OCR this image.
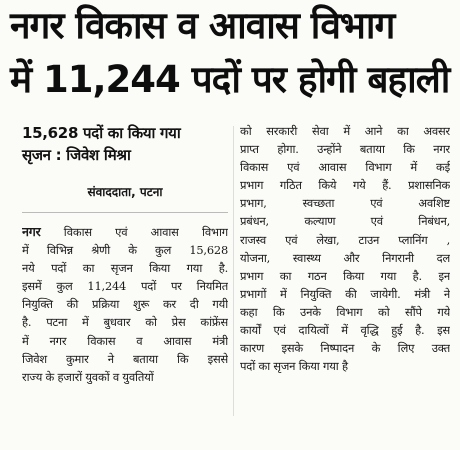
नगर विकास व आवास विभाग
में 11,244 पदों पर होगी बहाली
15,628 पदों का किया गया
सृजन : जिवेश मिश्रा
संवाददाता, पटना
नगर विकास एवं आवास विभाग
में विभिन्न श्रेणी के कुल 15,628
नये पदों का सृजन किया गया है.
इसमें कुल 11,244 पदों पर नियमित
नियुक्ति की प्रक्रिया शुरू कर दी गयी
है. पटना में बुधवार को प्रेस कांफ्रेंस
में नगर विकास व आवास मंत्री
जिवेश कुमार ने बताया कि इससे
राज्य के हजारों युवकों व युवतियों
को सरकारी सेवा में आने का अवसर
प्राप्त होगा. उन्होंने बताया कि नगर
विकास एवं आवास विभाग में कई
प्रभाग गठित किये गये हैं. प्रशासनिक
प्रभाग, स्वच्छता एवं अवशिष्ट
प्रबंधन, कल्याण एवं निबंधन,
राजस्व एवं लेखा, टाउन प्लानिंग ,
योजना, स्वास्थ्य और निगरानी दल
प्रभाग का गठन किया गया है. इन
प्रभागों में नियुक्ति की जायेगी. मंत्री ने
कहा कि उनके विभाग को सौंपे गये
कार्यों एवं दायित्वों में वृद्धि हुई है. इस
कारण इसके निष्पादन के लिए उक्त
पदों का सृजन किया गया है
